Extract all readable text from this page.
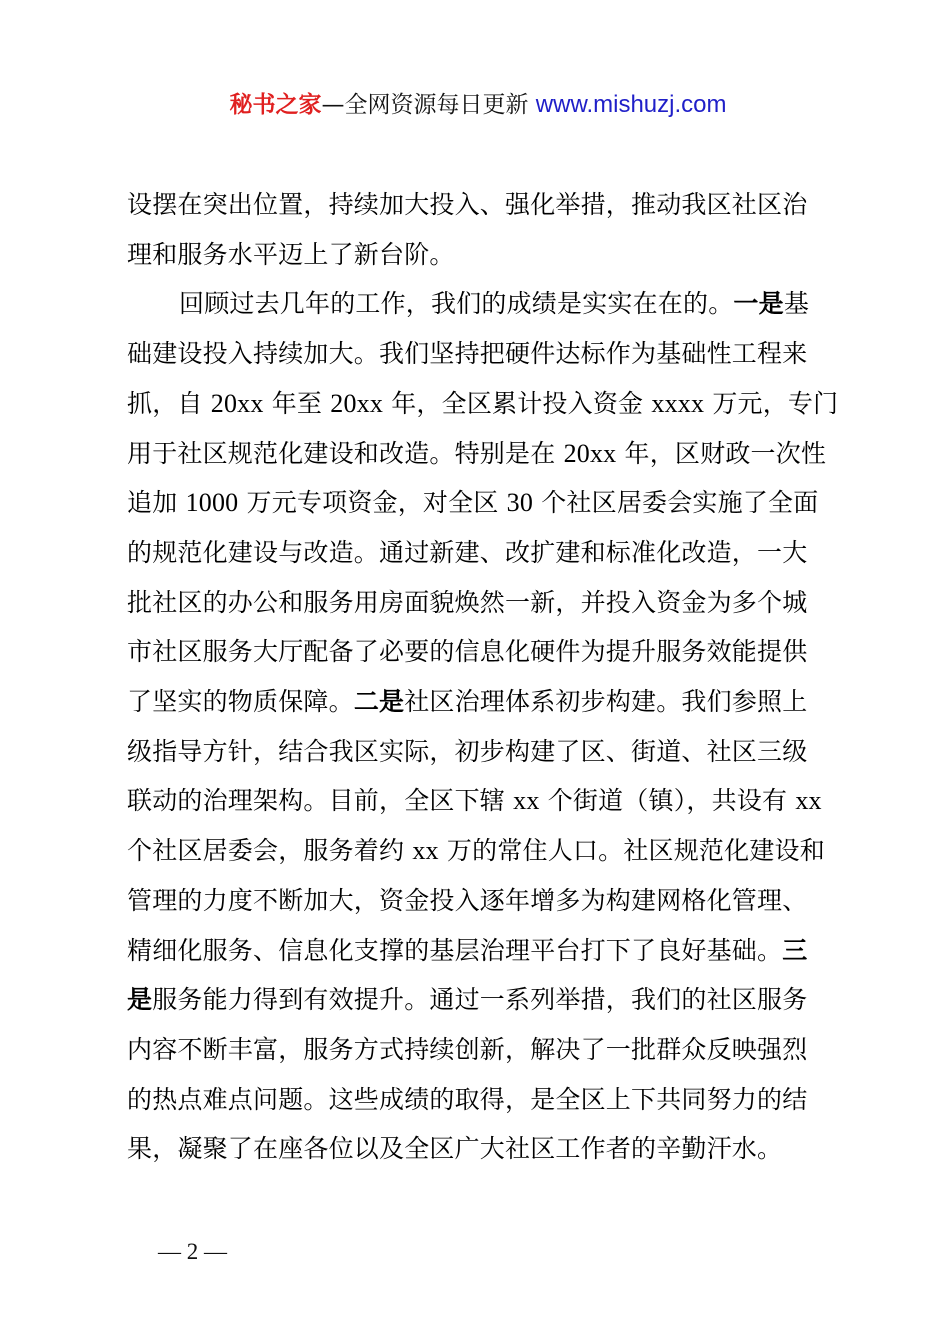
秘书之家—全网资源每日更新 www.mishuzj.com

设摆在突出位置，持续加大投入、强化举措，推动我区社区治
理和服务水平迈上了新台阶。

回顾过去几年的工作，我们的成绩是实实在在的。一是基
础建设投入持续加大。我们坚持把硬件达标作为基础性工程来
抓，自 20xx 年至 20xx 年，全区累计投入资金 xxxx 万元，专门
用于社区规范化建设和改造。特别是在 20xx 年，区财政一次性
追加 1000 万元专项资金，对全区 30 个社区居委会实施了全面
的规范化建设与改造。通过新建、改扩建和标准化改造，一大
批社区的办公和服务用房面貌焕然一新，并投入资金为多个城
市社区服务大厅配备了必要的信息化硬件为提升服务效能提供
了坚实的物质保障。二是社区治理体系初步构建。我们参照上
级指导方针，结合我区实际，初步构建了区、街道、社区三级
联动的治理架构。目前，全区下辖 xx 个街道（镇），共设有 xx
个社区居委会，服务着约 xx 万的常住人口。社区规范化建设和
管理的力度不断加大，资金投入逐年增多为构建网格化管理、
精细化服务、信息化支撑的基层治理平台打下了良好基础。三
是服务能力得到有效提升。通过一系列举措，我们的社区服务
内容不断丰富，服务方式持续创新，解决了一批群众反映强烈
的热点难点问题。这些成绩的取得，是全区上下共同努力的结
果，凝聚了在座各位以及全区广大社区工作者的辛勤汗水。

— 2 —
